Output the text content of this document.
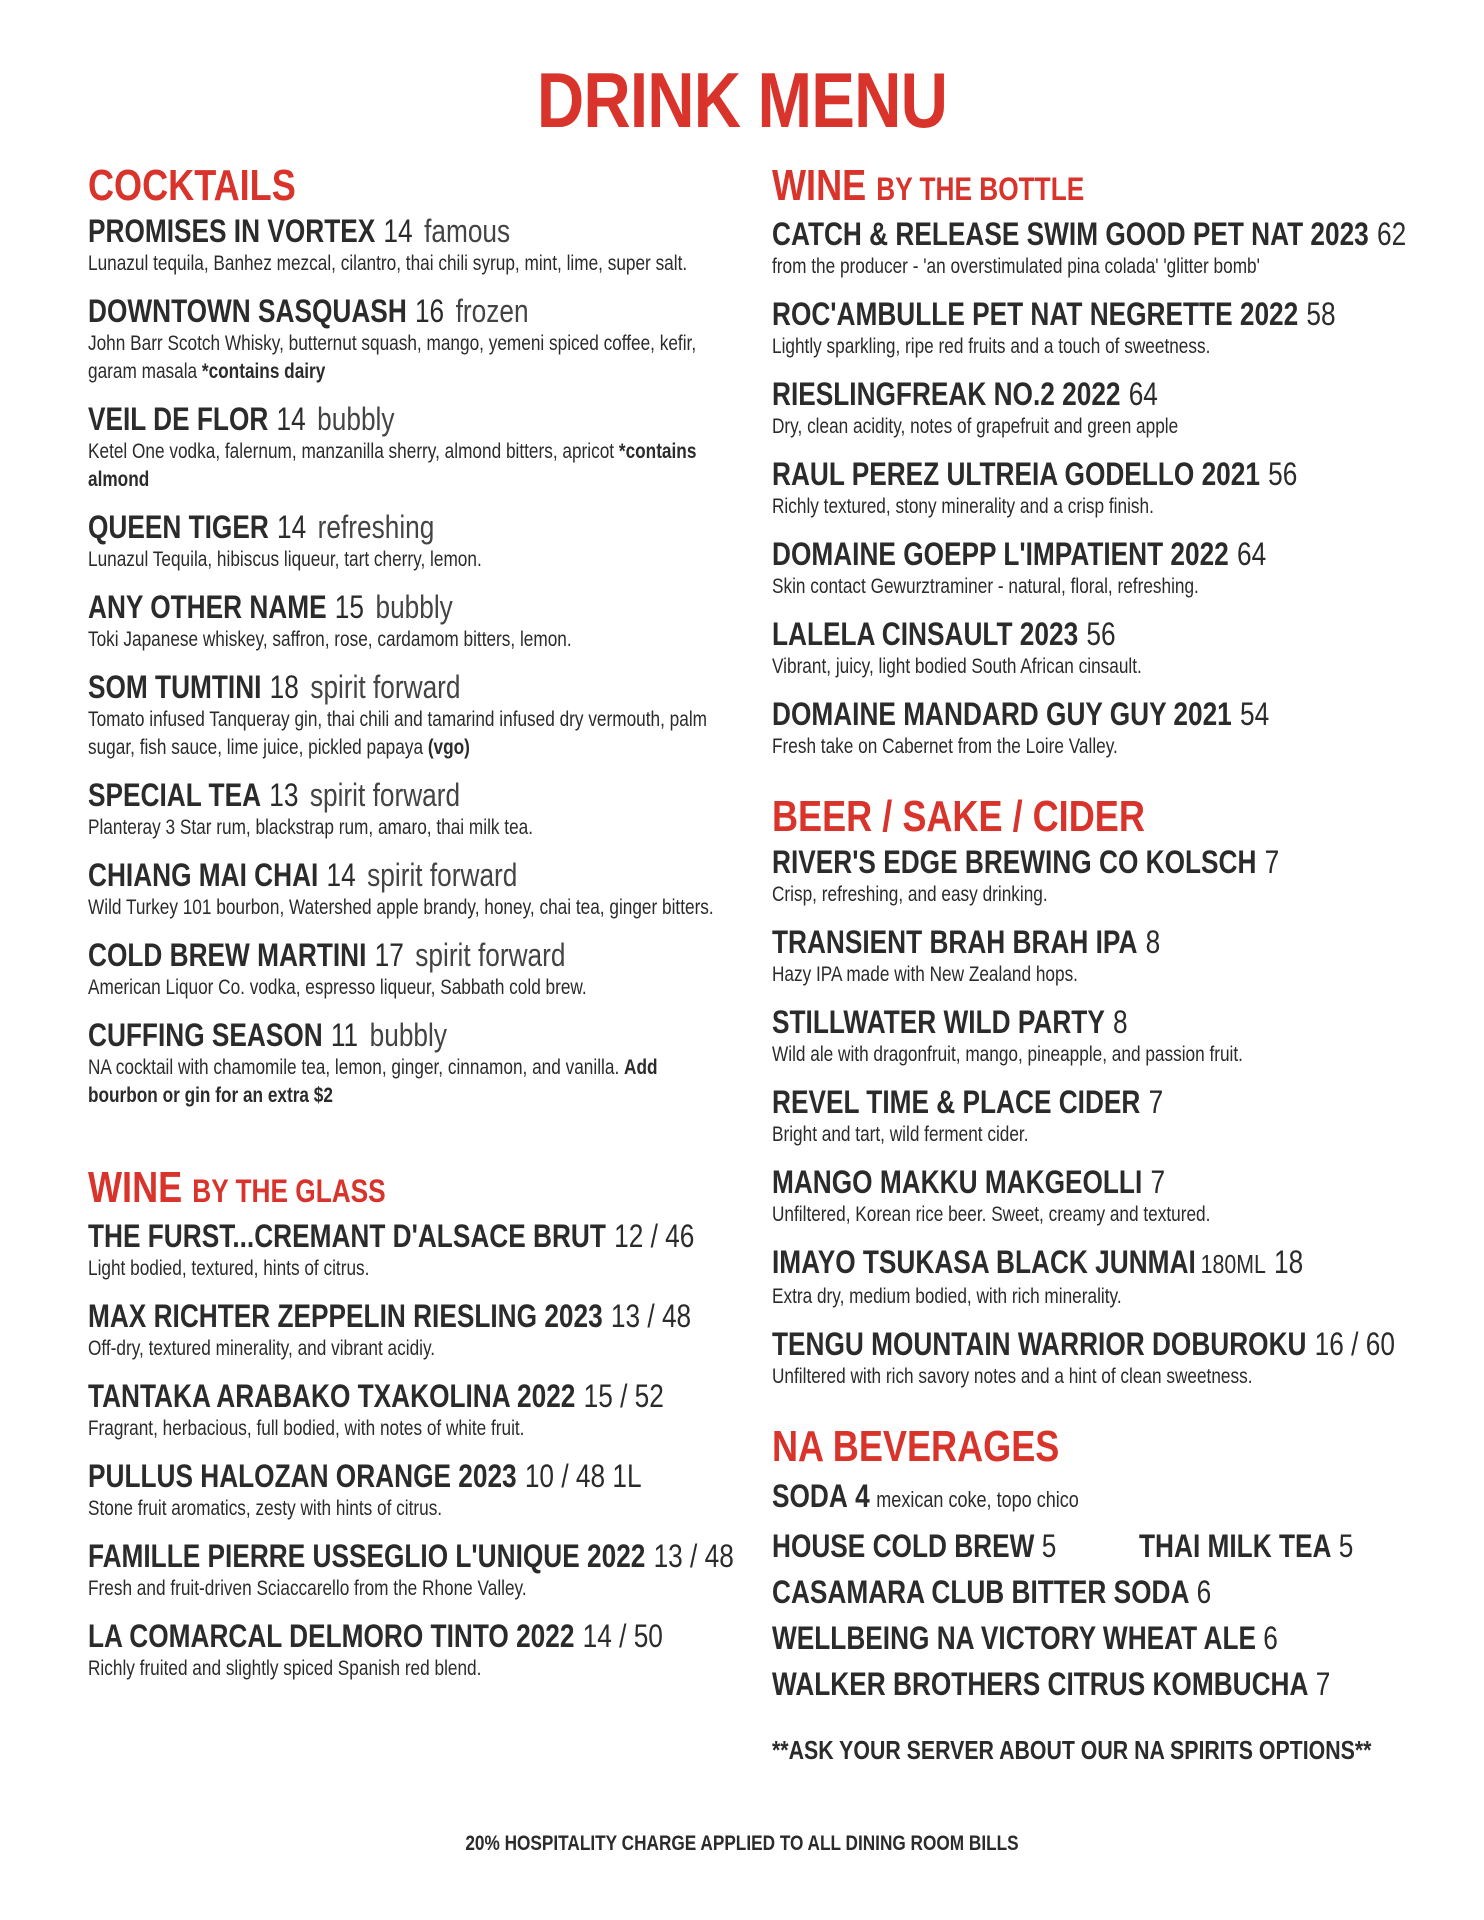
DRINK MENU
COCKTAILS
PROMISES IN VORTEX 14 famous
Lunazul tequila, Banhez mezcal, cilantro, thai chili syrup, mint, lime, super salt.
DOWNTOWN SASQUASH 16 frozen
John Barr Scotch Whisky, butternut squash, mango, yemeni spiced coffee, kefir, garam masala *contains dairy
VEIL DE FLOR 14 bubbly
Ketel One vodka, falernum, manzanilla sherry, almond bitters, apricot *contains almond
QUEEN TIGER 14 refreshing
Lunazul Tequila, hibiscus liqueur, tart cherry, lemon.
ANY OTHER NAME 15 bubbly
Toki Japanese whiskey, saffron, rose, cardamom bitters, lemon.
SOM TUMTINI 18 spirit forward
Tomato infused Tanqueray gin, thai chili and tamarind infused dry vermouth, palm sugar, fish sauce, lime juice, pickled papaya (vgo)
SPECIAL TEA 13 spirit forward
Planteray 3 Star rum, blackstrap rum, amaro, thai milk tea.
CHIANG MAI CHAI 14 spirit forward
Wild Turkey 101 bourbon, Watershed apple brandy, honey, chai tea, ginger bitters.
COLD BREW MARTINI 17 spirit forward
American Liquor Co. vodka, espresso liqueur, Sabbath cold brew.
CUFFING SEASON 11 bubbly
NA cocktail with chamomile tea, lemon, ginger, cinnamon, and vanilla. Add bourbon or gin for an extra $2
WINE BY THE GLASS
THE FURST...CREMANT D'ALSACE BRUT 12 / 46
Light bodied, textured, hints of citrus.
MAX RICHTER ZEPPELIN RIESLING 2023 13 / 48
Off-dry, textured minerality, and vibrant acidiy.
TANTAKA ARABAKO TXAKOLINA 2022 15 / 52
Fragrant, herbacious, full bodied, with notes of white fruit.
PULLUS HALOZAN ORANGE 2023 10 / 48 1L
Stone fruit aromatics, zesty with hints of citrus.
FAMILLE PIERRE USSEGLIO L'UNIQUE 2022 13 / 48
Fresh and fruit-driven Sciaccarello from the Rhone Valley.
LA COMARCAL DELMORO TINTO 2022 14 / 50
Richly fruited and slightly spiced Spanish red blend.
WINE BY THE BOTTLE
CATCH & RELEASE SWIM GOOD PET NAT 2023 62
from the producer - 'an overstimulated pina colada' 'glitter bomb'
ROC'AMBULLE PET NAT NEGRETTE 2022 58
Lightly sparkling, ripe red fruits and a touch of sweetness.
RIESLINGFREAK NO.2 2022 64
Dry, clean acidity, notes of grapefruit and green apple
RAUL PEREZ ULTREIA GODELLO 2021 56
Richly textured, stony minerality and a crisp finish.
DOMAINE GOEPP L'IMPATIENT 2022 64
Skin contact Gewurztraminer - natural, floral, refreshing.
LALELA CINSAULT 2023 56
Vibrant, juicy, light bodied South African cinsault.
DOMAINE MANDARD GUY GUY 2021 54
Fresh take on Cabernet from the Loire Valley.
BEER / SAKE / CIDER
RIVER'S EDGE BREWING CO KOLSCH 7
Crisp, refreshing, and easy drinking.
TRANSIENT BRAH BRAH IPA 8
Hazy IPA made with New Zealand hops.
STILLWATER WILD PARTY 8
Wild ale with dragonfruit, mango, pineapple, and passion fruit.
REVEL TIME & PLACE CIDER 7
Bright and tart, wild ferment cider.
MANGO MAKKU MAKGEOLLI 7
Unfiltered, Korean rice beer. Sweet, creamy and textured.
IMAYO TSUKASA BLACK JUNMAI 180ML 18
Extra dry, medium bodied, with rich minerality.
TENGU MOUNTAIN WARRIOR DOBUROKU 16 / 60
Unfiltered with rich savory notes and a hint of clean sweetness.
NA BEVERAGES
SODA 4 mexican coke, topo chico
HOUSE COLD BREW 5	THAI MILK TEA 5
CASAMARA CLUB BITTER SODA 6
WELLBEING NA VICTORY WHEAT ALE 6
WALKER BROTHERS CITRUS KOMBUCHA 7
**ASK YOUR SERVER ABOUT OUR NA SPIRITS OPTIONS**
20% HOSPITALITY CHARGE APPLIED TO ALL DINING ROOM BILLS
